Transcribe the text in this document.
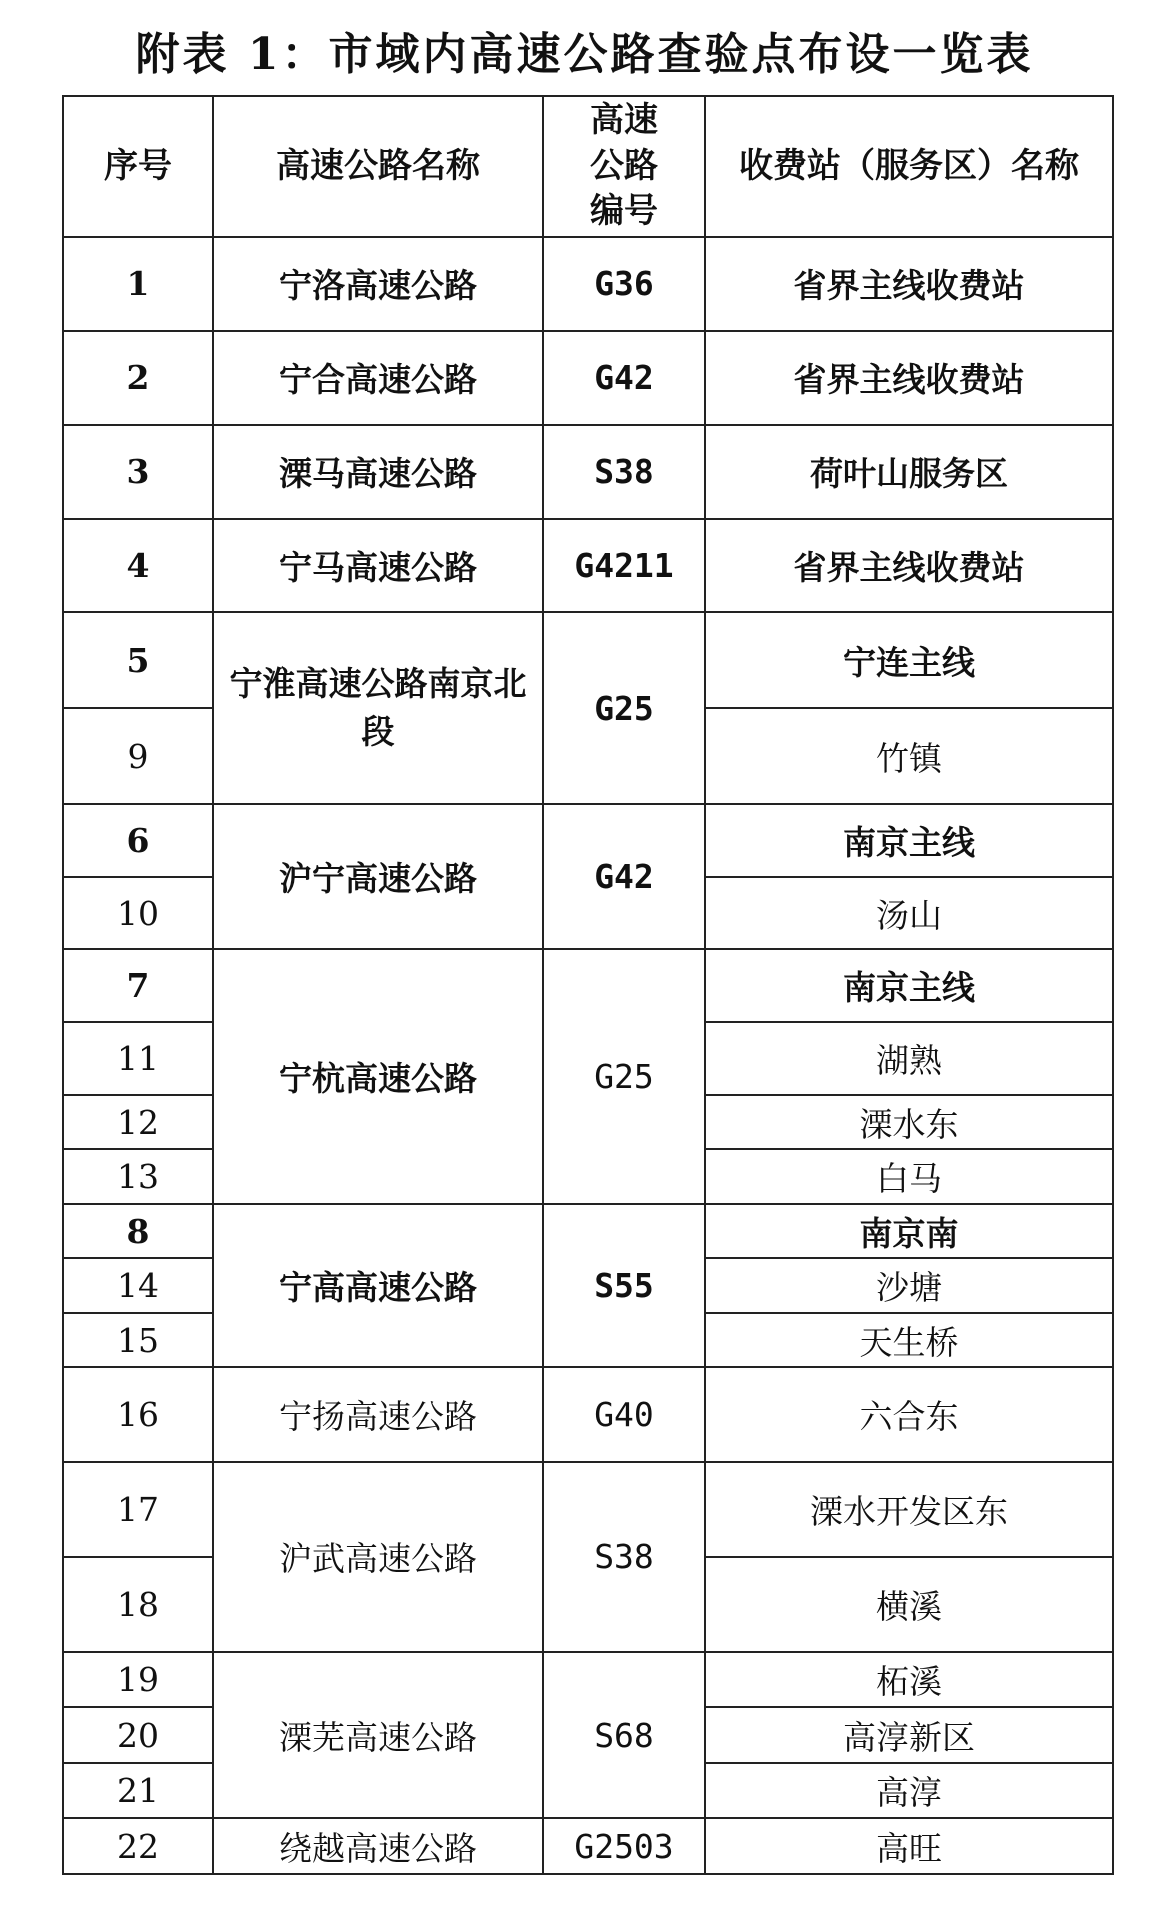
附表 1：市域内高速公路查验点布设一览表
序号	高速公路名称	高速公路编号	收费站（服务区）名称
1	宁洛高速公路	G36	省界主线收费站
2	宁合高速公路	G42	省界主线收费站
3	溧马高速公路	S38	荷叶山服务区
4	宁马高速公路	G4211	省界主线收费站
5	宁淮高速公路南京北段	G25	宁连主线
9			竹镇
6	沪宁高速公路	G42	南京主线
10			汤山
7	宁杭高速公路	G25	南京主线
11			湖熟
12			溧水东
13			白马
8	宁高高速公路	S55	南京南
14			沙塘
15			天生桥
16	宁扬高速公路	G40	六合东
17	沪武高速公路	S38	溧水开发区东
18			横溪
19	溧芜高速公路	S68	柘溪
20			高淳新区
21			高淳
22	绕越高速公路	G2503	高旺
